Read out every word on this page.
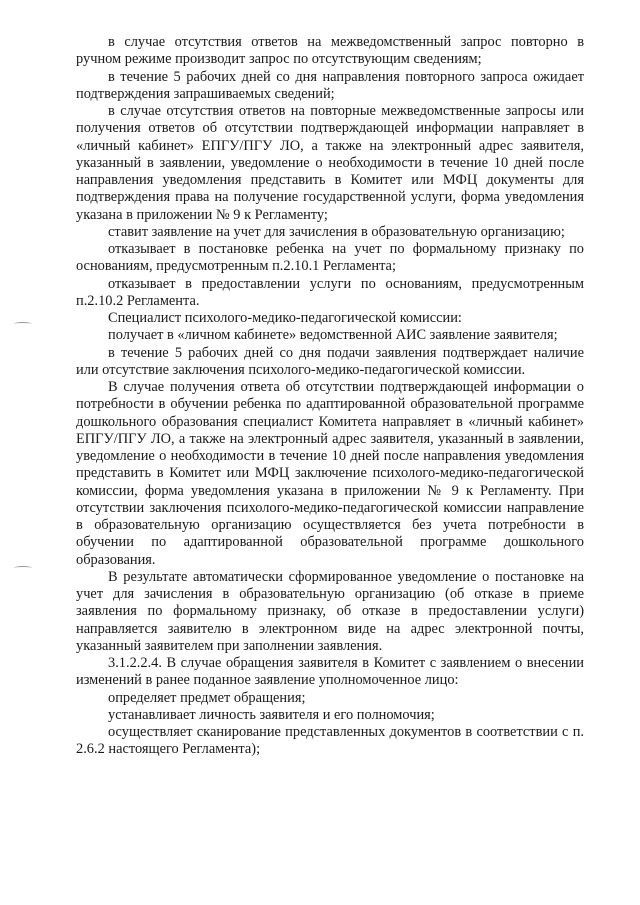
в случае отсутствия ответов на межведомственный запрос повторно в ручном режиме производит запрос по отсутствующим сведениям;

в течение 5 рабочих дней со дня направления повторного запроса ожидает подтверждения запрашиваемых сведений;

в случае отсутствия ответов на повторные межведомственные запросы или получения ответов об отсутствии подтверждающей информации направляет в «личный кабинет» ЕПГУ/ПГУ ЛО, а также на электронный адрес заявителя, указанный в заявлении, уведомление о необходимости в течение 10 дней после направления уведомления представить в Комитет или МФЦ документы для подтверждения права на получение государственной услуги, форма уведомления указана в приложении № 9 к Регламенту;

ставит заявление на учет для зачисления в образовательную организацию;

отказывает в постановке ребенка на учет по формальному признаку по основаниям, предусмотренным п.2.10.1 Регламента;

отказывает в предоставлении услуги по основаниям, предусмотренным п.2.10.2 Регламента.

Специалист психолого-медико-педагогической комиссии:

получает в «личном кабинете» ведомственной АИС заявление заявителя;

в течение 5 рабочих дней со дня подачи заявления подтверждает наличие или отсутствие заключения психолого-медико-педагогической комиссии.

В случае получения ответа об отсутствии подтверждающей информации о потребности в обучении ребенка по адаптированной образовательной программе дошкольного образования специалист Комитета направляет в «личный кабинет» ЕПГУ/ПГУ ЛО, а также на электронный адрес заявителя, указанный в заявлении, уведомление о необходимости в течение 10 дней после направления уведомления представить в Комитет или МФЦ заключение психолого-медико-педагогической комиссии, форма уведомления указана в приложении № 9 к Регламенту. При отсутствии заключения психолого-медико-педагогической комиссии направление в образовательную организацию осуществляется без учета потребности в обучении по адаптированной образовательной программе дошкольного образования.

В результате автоматически сформированное уведомление о постановке на учет для зачисления в образовательную организацию (об отказе в приеме заявления по формальному признаку, об отказе в предоставлении услуги) направляется заявителю в электронном виде на адрес электронной почты, указанный заявителем при заполнении заявления.

3.1.2.2.4. В случае обращения заявителя в Комитет с заявлением о внесении изменений в ранее поданное заявление уполномоченное лицо:

определяет предмет обращения;

устанавливает личность заявителя и его полномочия;

осуществляет сканирование представленных документов в соответствии с п. 2.6.2 настоящего Регламента);
